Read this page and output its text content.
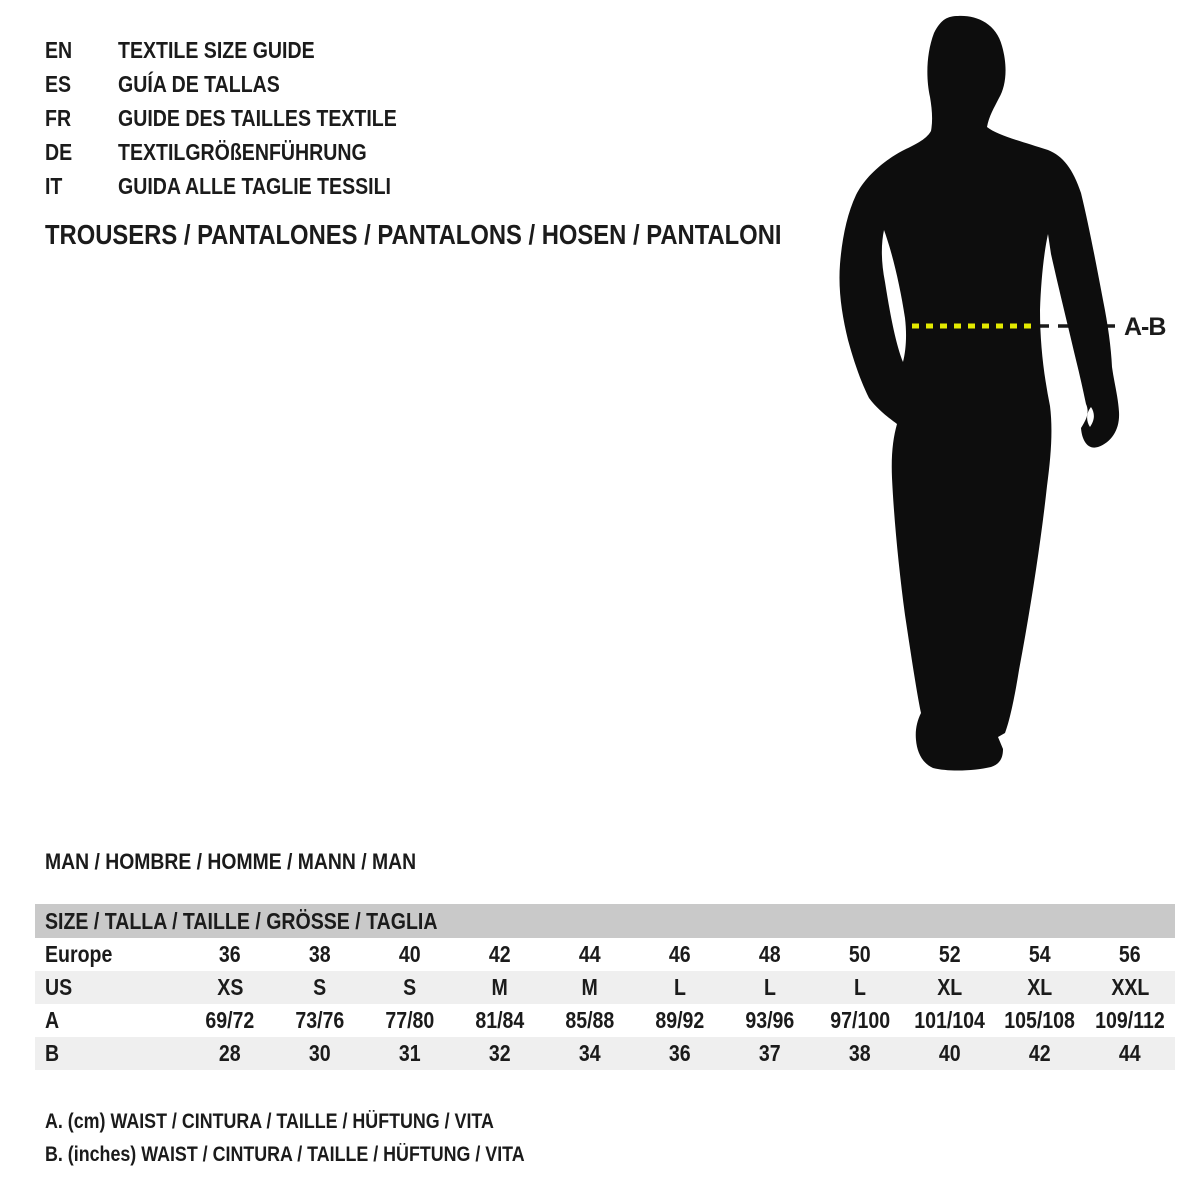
EN	TEXTILE SIZE GUIDE
ES	GUÍA DE TALLAS
FR	GUIDE DES TAILLES TEXTILE
DE	TEXTILGRÖßENFÜHRUNG
IT	GUIDA ALLE TAGLIE TESSILI
TROUSERS / PANTALONES / PANTALONS / HOSEN / PANTALONI
A-B
MAN / HOMBRE / HOMME / MANN / MAN
SIZE / TALLA / TAILLE / GRÖSSE / TAGLIA
Europe	36	38	40	42	44	46	48	50	52	54	56
US	XS	S	S	M	M	L	L	L	XL	XL	XXL
A	69/72	73/76	77/80	81/84	85/88	89/92	93/96	97/100	101/104 105/108 109/112
B	28	30	31	32	34	36	37	38	40	42	44
A. (cm) WAIST / CINTURA / TAILLE / HÜFTUNG / VITA
B. (inches) WAIST / CINTURA / TAILLE / HÜFTUNG / VITA
